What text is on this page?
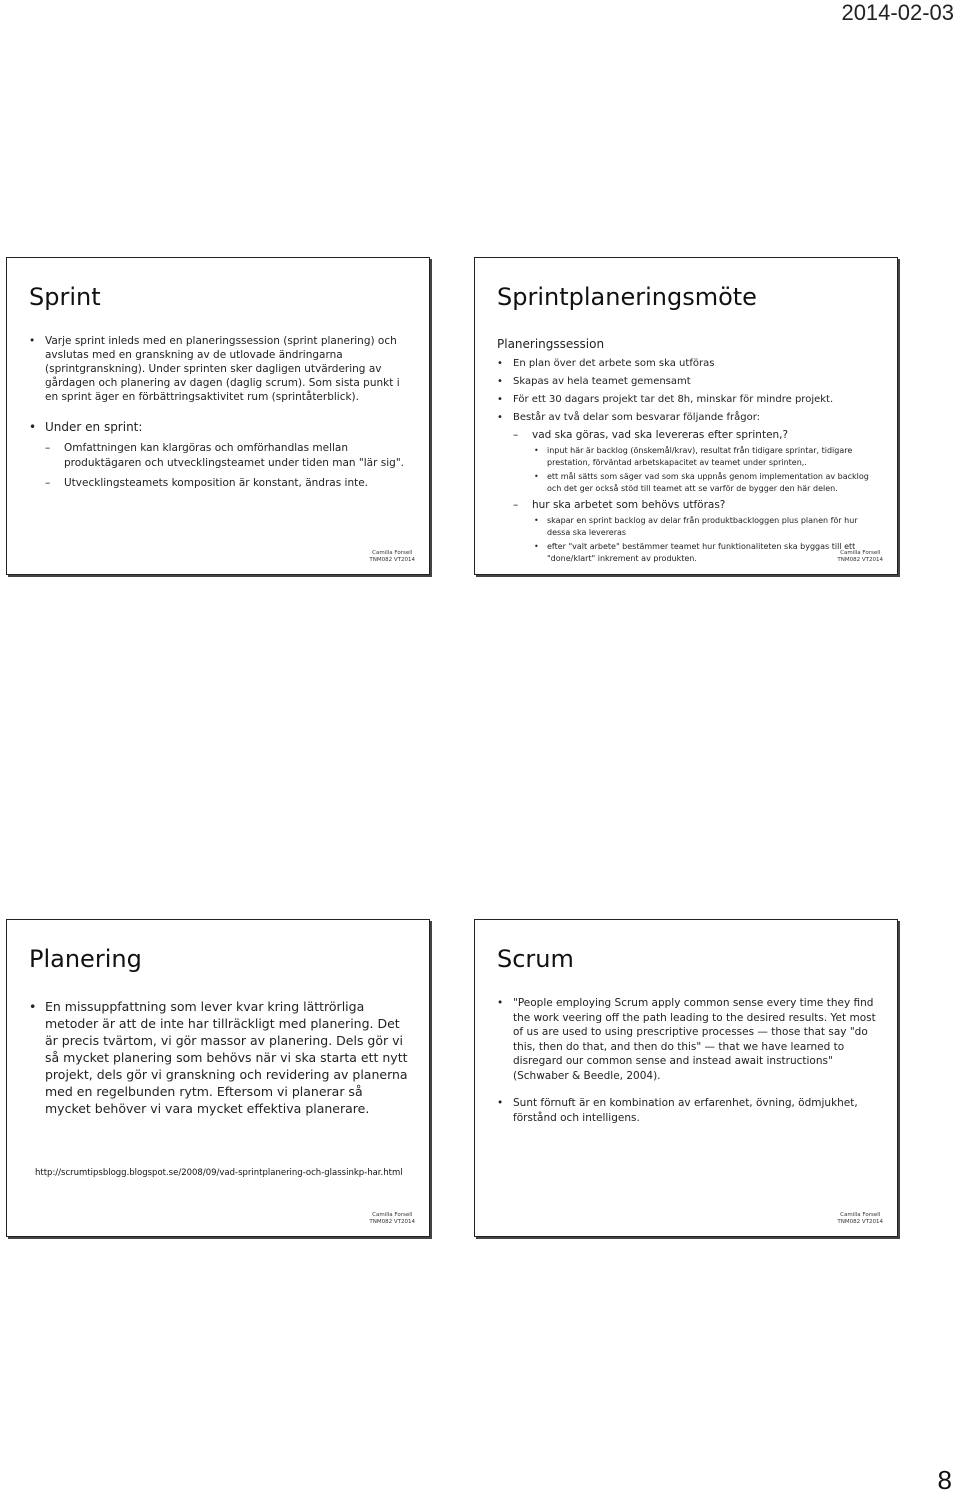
2014-02-03
Sprint
• Varje sprint inleds med en planeringssession (sprint planering) och avslutas med en granskning av de utlovade ändringarna (sprintgranskning). Under sprinten sker dagligen utvärdering av gårdagen och planering av dagen (daglig scrum). Som sista punkt i en sprint äger en förbättringsaktivitet rum (sprintåterblick).
• Under en sprint:
– Omfattningen kan klargöras och omförhandlas mellan produktägaren och utvecklingsteamet under tiden man "lär sig".
– Utvecklingsteamets komposition är konstant, ändras inte.
Camilla Forsell
TNM082 VT2014
Sprintplaneringsmöte
Planeringssession
• En plan över det arbete som ska utföras
• Skapas av hela teamet gemensamt
• För ett 30 dagars projekt tar det 8h, minskar för mindre projekt.
• Består av två delar som besvarar följande frågor:
– vad ska göras, vad ska levereras efter sprinten,?
• input här är backlog (önskemål/krav), resultat från tidigare sprintar, tidigare prestation, förväntad arbetskapacitet av teamet under sprinten,.
• ett mål sätts som säger vad som ska uppnås genom implementation av backlog och det ger också stöd till teamet att se varför de bygger den här delen.
– hur ska arbetet som behövs utföras?
• skapar en sprint backlog av delar från produktbackloggen plus planen för hur dessa ska levereras
• efter "valt arbete" bestämmer teamet hur funktionaliteten ska byggas till ett "done/klart" inkrement av produkten.
Camilla Forsell
TNM082 VT2014
Planering
• En missuppfattning som lever kvar kring lättrörliga metoder är att de inte har tillräckligt med planering. Det är precis tvärtom, vi gör massor av planering. Dels gör vi så mycket planering som behövs när vi ska starta ett nytt projekt, dels gör vi granskning och revidering av planerna med en regelbunden rytm. Eftersom vi planerar så mycket behöver vi vara mycket effektiva planerare.
http://scrumtipsblogg.blogspot.se/2008/09/vad-sprintplanering-och-glassinkp-har.html
Camilla Forsell
TNM082 VT2014
Scrum
• "People employing Scrum apply common sense every time they find the work veering off the path leading to the desired results. Yet most of us are used to using prescriptive processes — those that say "do this, then do that, and then do this" — that we have learned to disregard our common sense and instead await instructions" (Schwaber & Beedle, 2004).
• Sunt förnuft är en kombination av erfarenhet, övning, ödmjukhet, förstånd och intelligens.
Camilla Forsell
TNM082 VT2014
8
